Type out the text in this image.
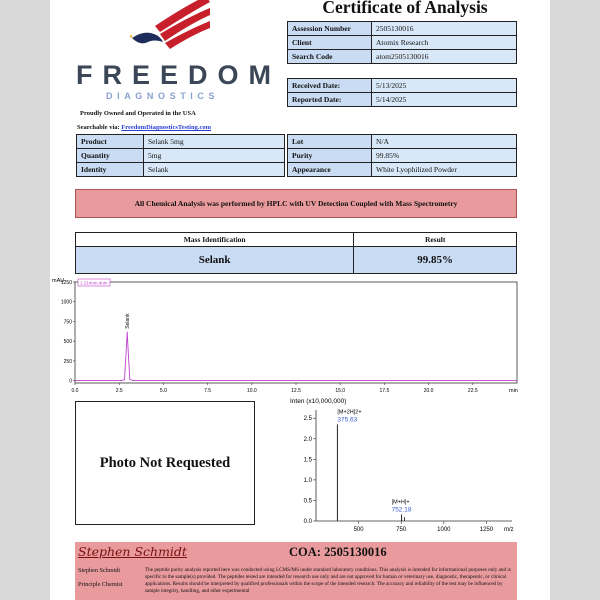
FREEDOM
DIAGNOSTICS
Proudly Owned and Operated in the USA
Searchable via: FreedomDiagnosticsTesting.com
Certificate of Analysis
Assession Number	2505130016
Client	Atomix Research
Search Code	atom2505130016
Received Date:	5/13/2025
Reported Date:	5/14/2025
Product	Selank 5mg
Quantity	5mg
Identity	Selank
Lot	N/A
Purity	99.85%
Appearance	White Lyophilized Powder
All Chemical Analysis was performed by HPLC with UV Detection Coupled with Mass Spectrometry
Mass Identification	Result
Selank	99.85%
mAU
min
1 214nm,4nm
1250
1000
750
500
250
0
0.0	2.5	5.0	7.5	10.0	12.5	15.0	17.5	20.0	22.5
Selank
Photo Not Requested
Inten (x10,000,000)
m/z
2.5
2.0
1.5
1.0
0.5
0.0
500	750	1000	1250
[M+2H]2+
375.63
[M+H]+
752.18
Stephen Schmidt	COA: 2505130016
Stephen Schmidt
Principle Chemist
The peptide purity analysis reported here was conducted using LCMS/MS under standard laboratory conditions. This analysis is intended for informational purposes only and is specific to the sample(s) provided. The peptides tested are intended for research use only and are not approved for human or veterinary use, diagnostic, therapeutic, or clinical applications. Results should be interpreted by qualified professionals within the scope of the intended research. The accuracy and reliability of the test may be influenced by sample integrity, handling, and other experimental
